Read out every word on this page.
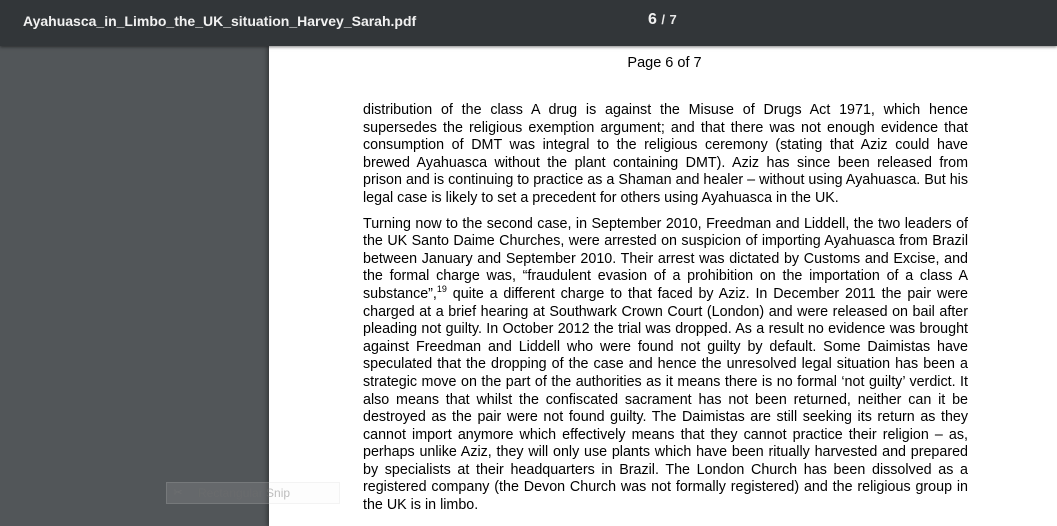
Ayahuasca_in_Limbo_the_UK_situation_Harvey_Sarah.pdf	6 / 7
Page 6 of 7

distribution of the class A drug is against the Misuse of Drugs Act 1971, which hence supersedes the religious exemption argument; and that there was not enough evidence that consumption of DMT was integral to the religious ceremony (stating that Aziz could have brewed Ayahuasca without the plant containing DMT). Aziz has since been released from prison and is continuing to practice as a Shaman and healer – without using Ayahuasca. But his legal case is likely to set a precedent for others using Ayahuasca in the UK.

Turning now to the second case, in September 2010, Freedman and Liddell, the two leaders of the UK Santo Daime Churches, were arrested on suspicion of importing Ayahuasca from Brazil between January and September 2010. Their arrest was dictated by Customs and Excise, and the formal charge was, “fraudulent evasion of a prohibition on the importation of a class A substance”,$^{19}$ quite a different charge to that faced by Aziz. In December 2011 the pair were charged at a brief hearing at Southwark Crown Court (London) and were released on bail after pleading not guilty. In October 2012 the trial was dropped. As a result no evidence was brought against Freedman and Liddell who were found not guilty by default. Some Daimistas have speculated that the dropping of the case and hence the unresolved legal situation has been a strategic move on the part of the authorities as it means there is no formal ‘not guilty’ verdict. It also means that whilst the confiscated sacrament has not been returned, neither can it be destroyed as the pair were not found guilty. The Daimistas are still seeking its return as they cannot import anymore which effectively means that they cannot practice their religion – as, perhaps unlike Aziz, they will only use plants which have been ritually harvested and prepared by specialists at their headquarters in Brazil. The London Church has been dissolved as a registered company (the Devon Church was not formally registered) and the religious group in the UK is in limbo.

✂ Rectangular Snip
